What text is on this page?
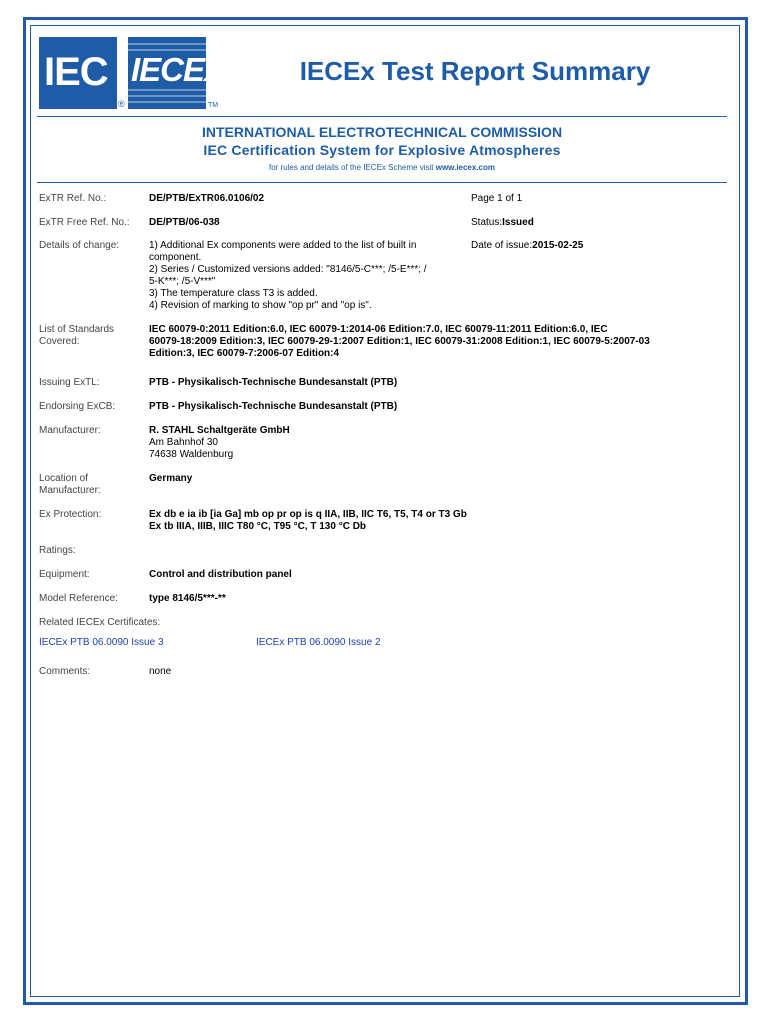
IEC
®
IECEx
TM
IECEx Test Report Summary
INTERNATIONAL ELECTROTECHNICAL COMMISSION
IEC Certification System for Explosive Atmospheres
for rules and details of the IECEx Scheme visit www.iecex.com
ExTR Ref. No.:	DE/PTB/ExTR06.0106/02	Page 1 of 1
ExTR Free Ref. No.: DE/PTB/06-038	Status:Issued
Details of change:	1) Additional Ex components were added to the list of built in
component.
2) Series / Customized versions added: "8146/5-C***; /5-E***; /
5-K***; /5-V***"
3) The temperature class T3 is added.
4) Revision of marking to show "op pr" and "op is".
Date of issue:2015-02-25
List of Standards
Covered:
IEC 60079-0:2011 Edition:6.0, IEC 60079-1:2014-06 Edition:7.0, IEC 60079-11:2011 Edition:6.0, IEC
60079-18:2009 Edition:3, IEC 60079-29-1:2007 Edition:1, IEC 60079-31:2008 Edition:1, IEC 60079-5:2007-03
Edition:3, IEC 60079-7:2006-07 Edition:4
Issuing ExTL:	PTB - Physikalisch-Technische Bundesanstalt (PTB)
Endorsing ExCB:	PTB - Physikalisch-Technische Bundesanstalt (PTB)
Manufacturer:	R. STAHL Schaltgeräte GmbH
Am Bahnhof 30
74638 Waldenburg
Location of
Manufacturer:
Germany
Ex Protection:	Ex db e ia ib [ia Ga] mb op pr op is q IIA, IIB, IIC T6, T5, T4 or T3 Gb
Ex tb IIIA, IIIB, IIIC T80 °C, T95 °C, T 130 °C Db
Ratings:
Equipment:	Control and distribution panel
Model Reference:	type 8146/5***-**
Related IECEx Certificates:
IECEx PTB 06.0090 Issue 3	IECEx PTB 06.0090 Issue 2
Comments:	none
